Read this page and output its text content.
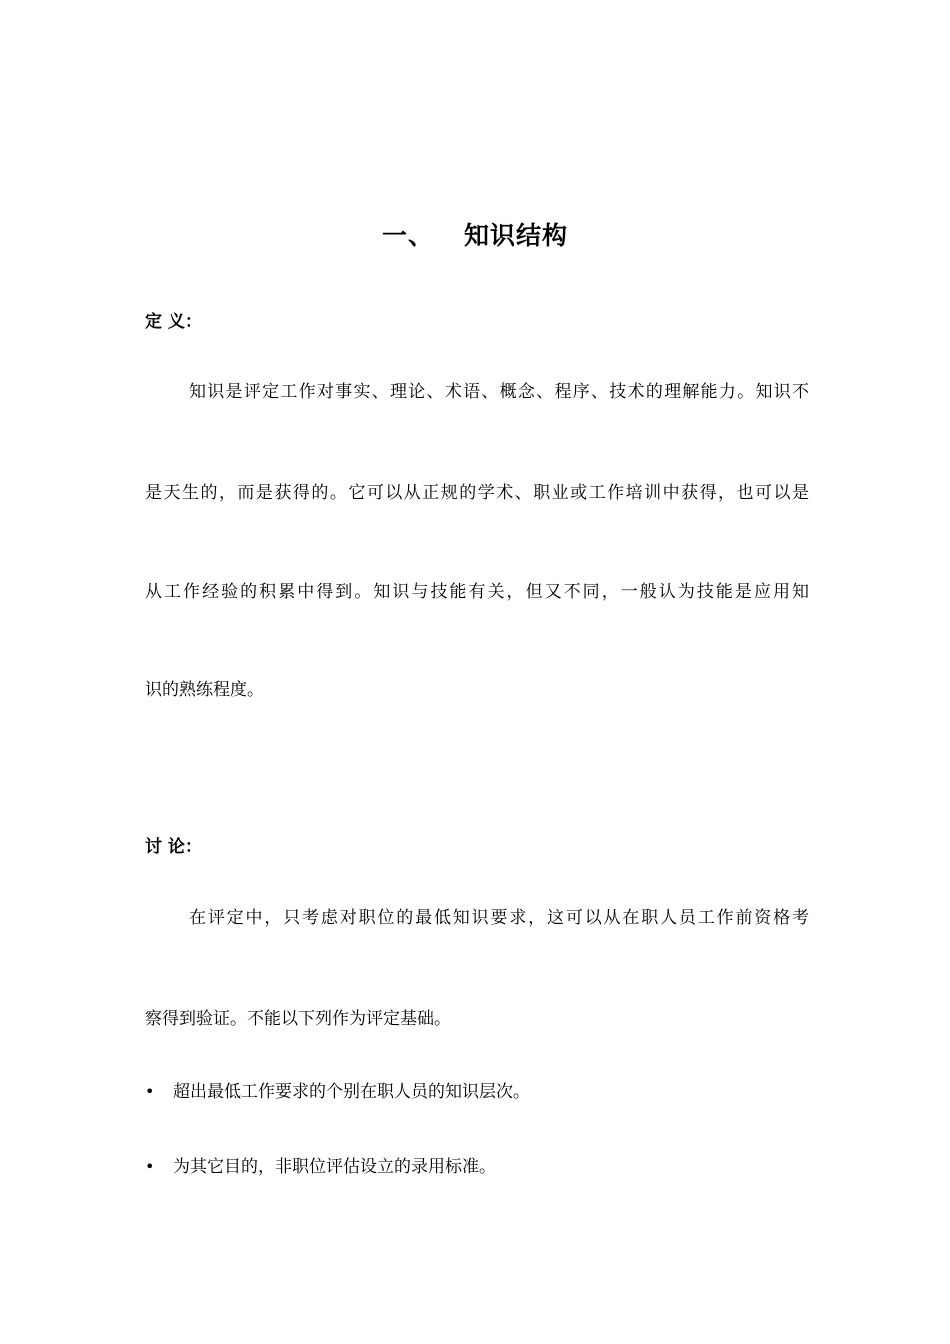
一、 知识结构
定 义：
知识是评定工作对事实、理论、术语、概念、程序、技术的理解能力。知识不
是天生的，而是获得的。它可以从正规的学术、职业或工作培训中获得，也可以是
从工作经验的积累中得到。知识与技能有关，但又不同，一般认为技能是应用知
识的熟练程度。
讨 论：
在评定中，只考虑对职位的最低知识要求，这可以从在职人员工作前资格考
察得到验证。不能以下列作为评定基础。
• 超出最低工作要求的个别在职人员的知识层次。
• 为其它目的，非职位评估设立的录用标准。
